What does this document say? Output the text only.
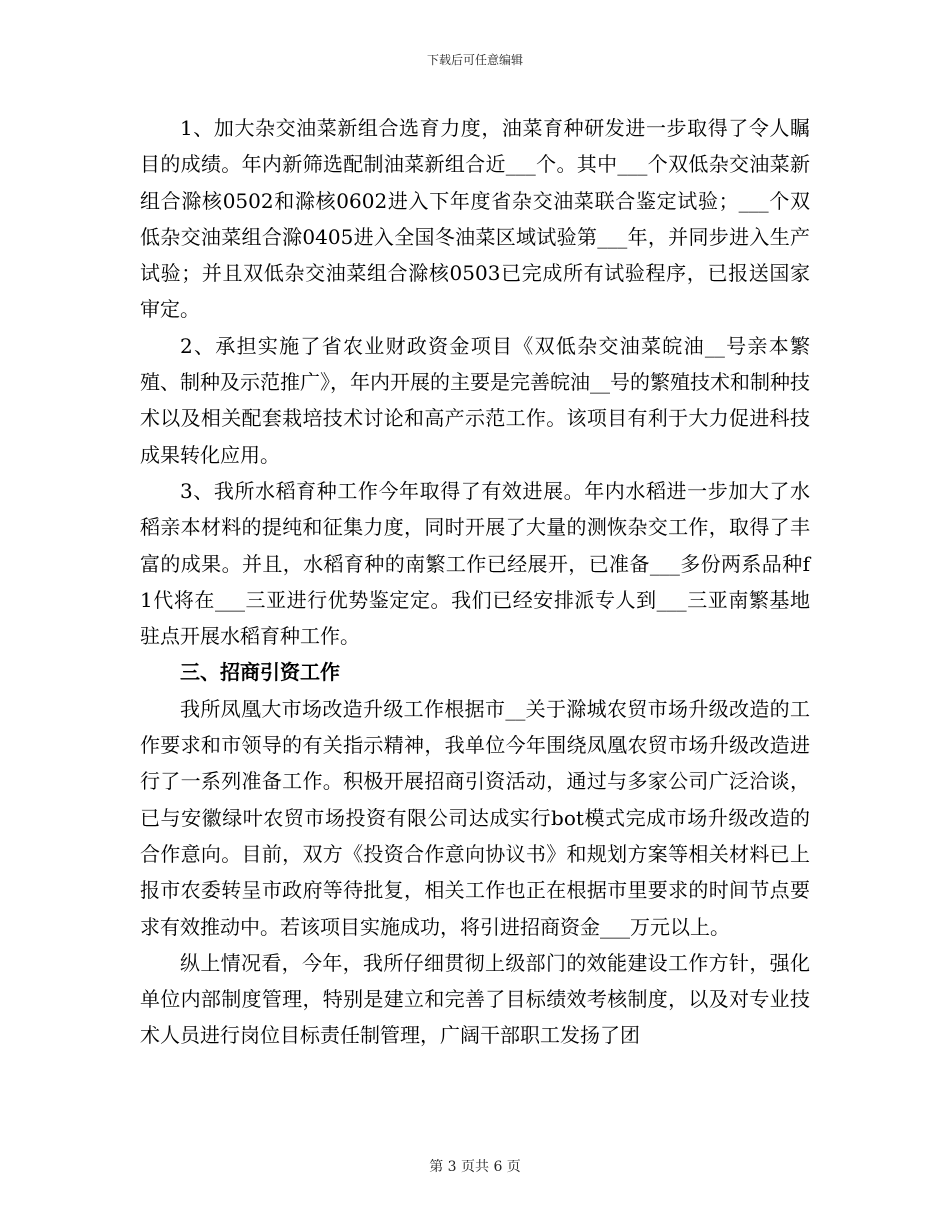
下载后可任意编辑

1、加大杂交油菜新组合选育力度，油菜育种研发进一步取得了令人瞩目的成绩。年内新筛选配制油菜新组合近___个。其中___个双低杂交油菜新组合滁核0502和滁核0602进入下年度省杂交油菜联合鉴定试验；___个双低杂交油菜组合滁0405进入全国冬油菜区域试验第___年，并同步进入生产试验；并且双低杂交油菜组合滁核0503已完成所有试验程序，已报送国家审定。

2、承担实施了省农业财政资金项目《双低杂交油菜皖油__号亲本繁殖、制种及示范推广》，年内开展的主要是完善皖油__号的繁殖技术和制种技术以及相关配套栽培技术讨论和高产示范工作。该项目有利于大力促进科技成果转化应用。

3、我所水稻育种工作今年取得了有效进展。年内水稻进一步加大了水稻亲本材料的提纯和征集力度，同时开展了大量的测恢杂交工作，取得了丰富的成果。并且，水稻育种的南繁工作已经展开，已准备___多份两系品种f1代将在___三亚进行优势鉴定定。我们已经安排派专人到___三亚南繁基地驻点开展水稻育种工作。

三、招商引资工作

我所凤凰大市场改造升级工作根据市__关于滁城农贸市场升级改造的工作要求和市领导的有关指示精神，我单位今年围绕凤凰农贸市场升级改造进行了一系列准备工作。积极开展招商引资活动，通过与多家公司广泛洽谈，已与安徽绿叶农贸市场投资有限公司达成实行bot模式完成市场升级改造的合作意向。目前，双方《投资合作意向协议书》和规划方案等相关材料已上报市农委转呈市政府等待批复，相关工作也正在根据市里要求的时间节点要求有效推动中。若该项目实施成功，将引进招商资金___万元以上。

纵上情况看，今年，我所仔细贯彻上级部门的效能建设工作方针，强化单位内部制度管理，特别是建立和完善了目标绩效考核制度，以及对专业技术人员进行岗位目标责任制管理，广阔干部职工发扬了团

第 3 页共 6 页
